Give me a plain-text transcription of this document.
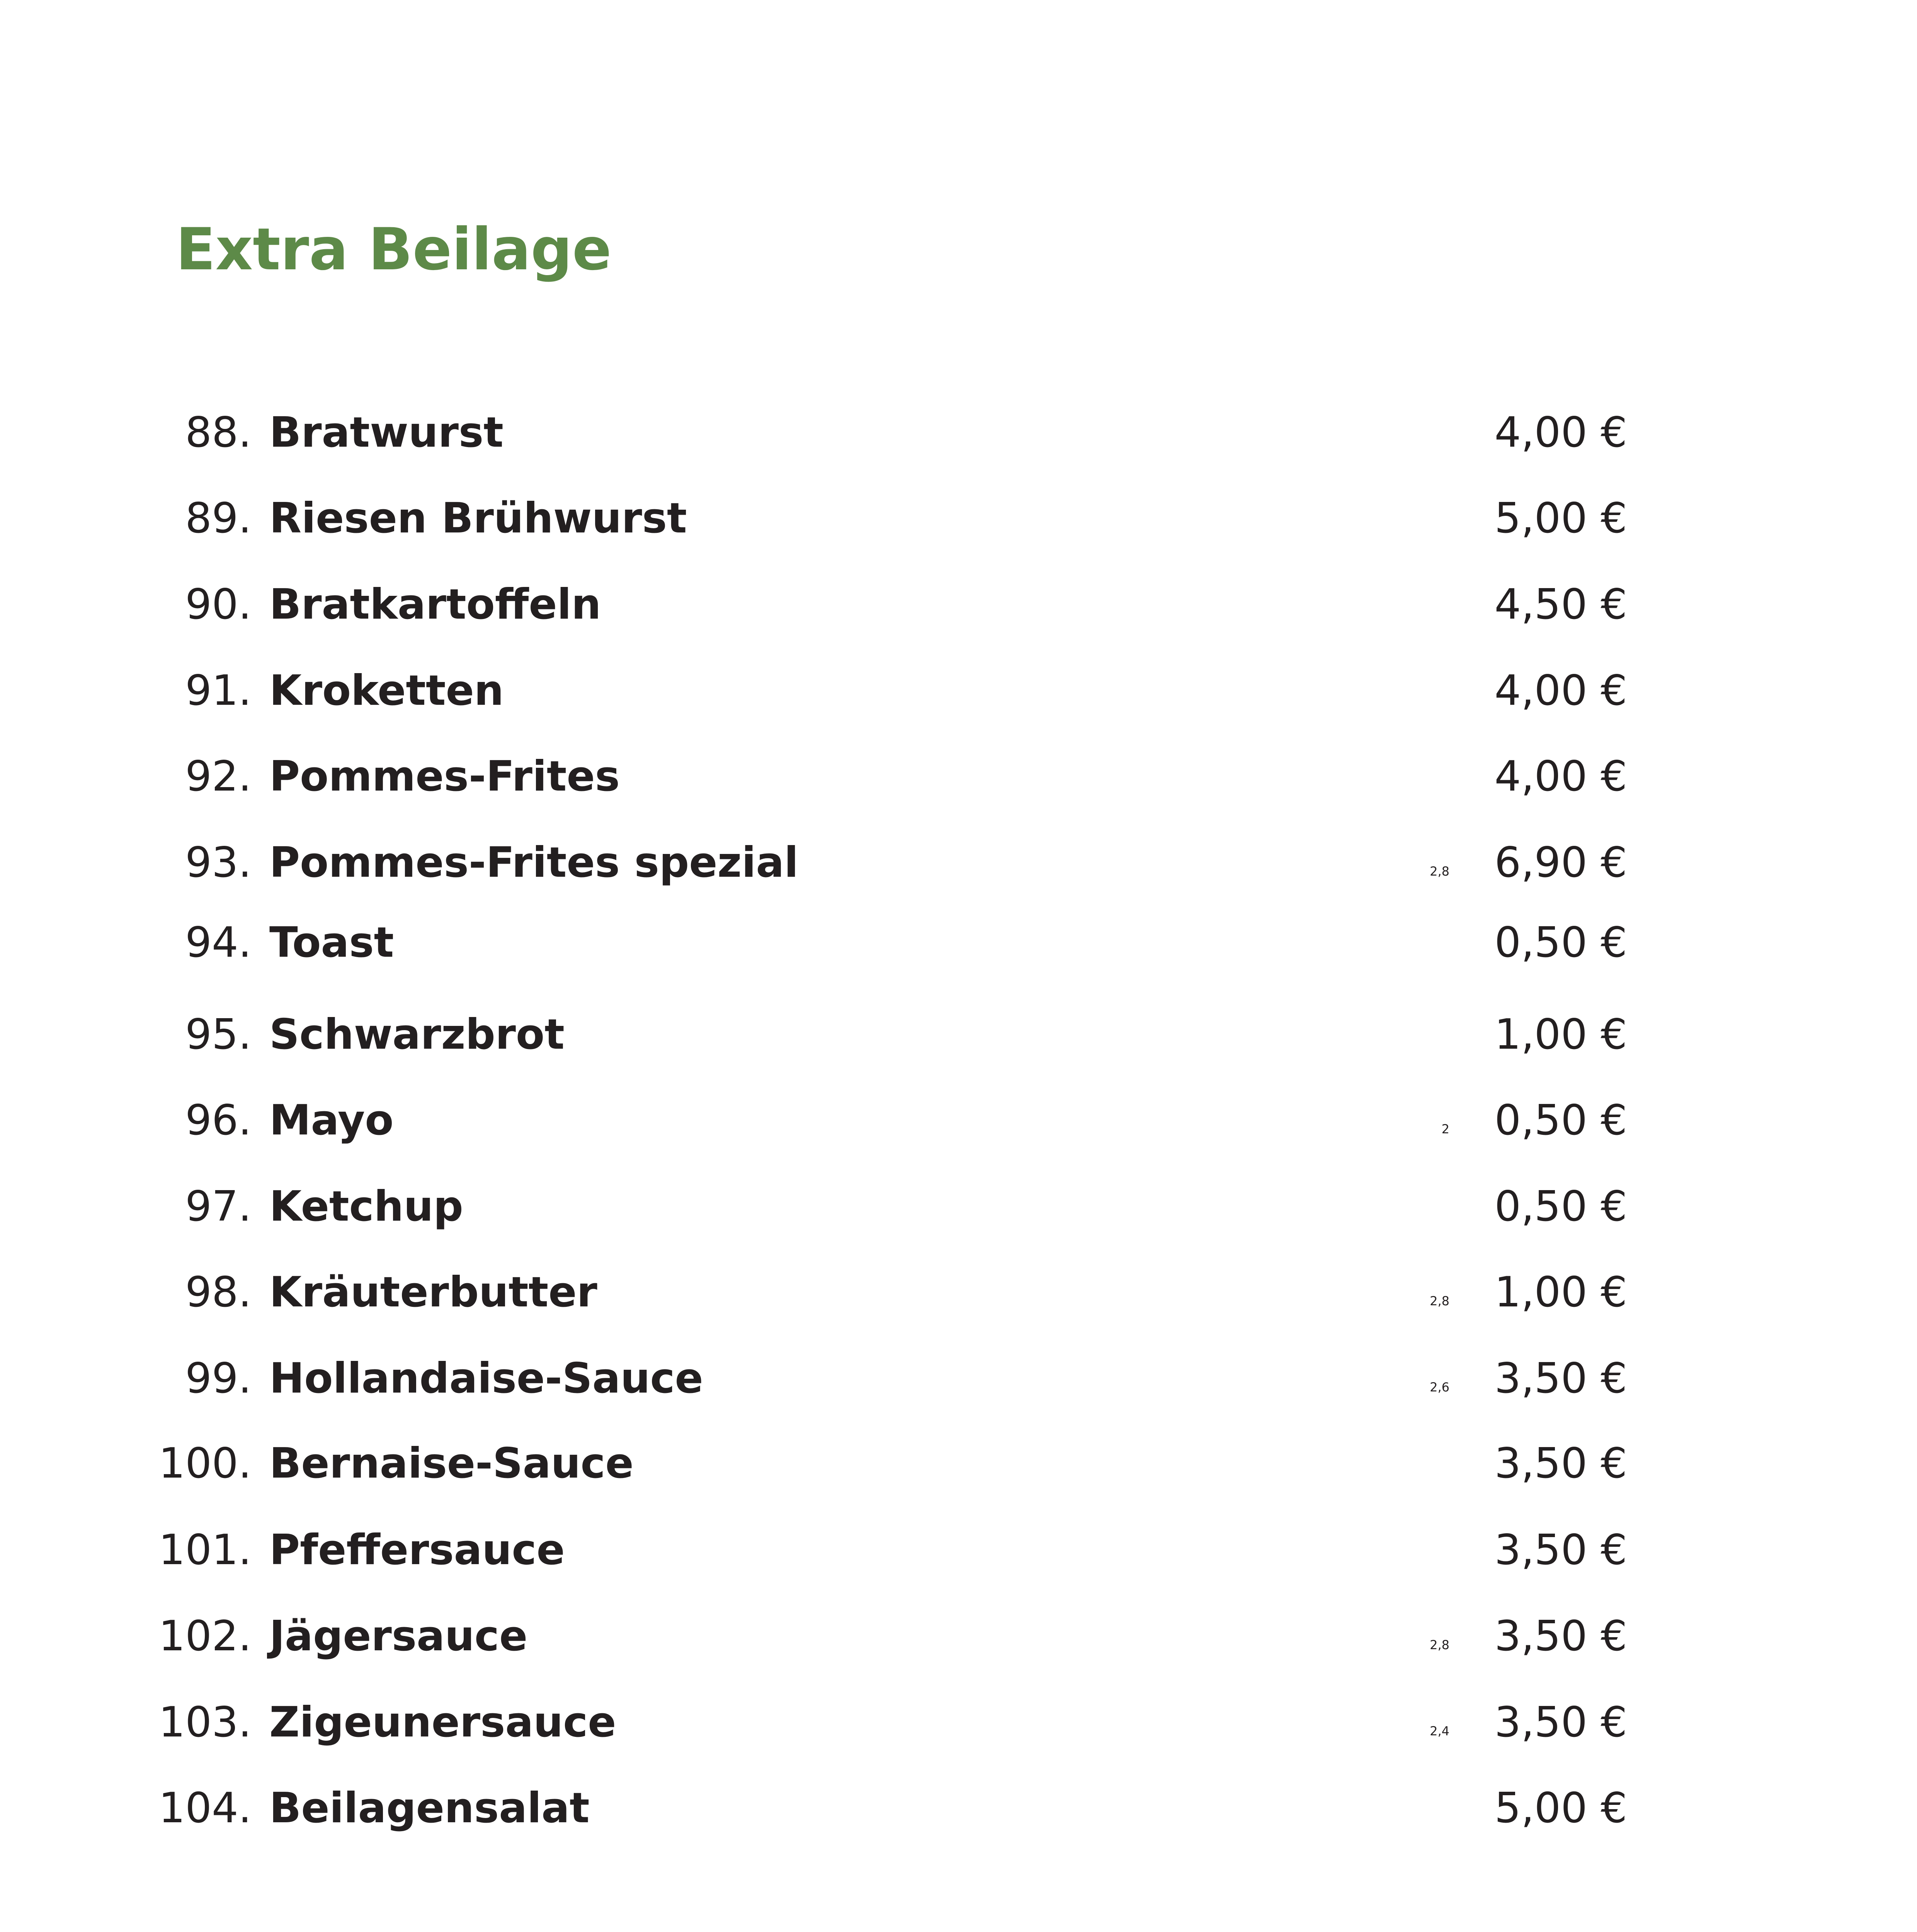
Extra Beilage
88. Bratwurst	4,00 €
89. Riesen Brühwurst	5,00 €
90. Bratkartoffeln	4,50 €
91. Kroketten	4,00 €
92. Pommes-Frites	4,00 €
93. Pommes-Frites spezial	2,8 6,90 €
94. Toast	0,50 €
95. Schwarzbrot	1,00 €
96. Mayo	2 0,50 €
97. Ketchup	0,50 €
98. Kräuterbutter	2,8 1,00 €
99. Hollandaise-Sauce	2,6 3,50 €
100. Bernaise-Sauce	3,50 €
101. Pfeffersauce	3,50 €
102. Jägersauce	2,8 3,50 €
103. Zigeunersauce	2,4 3,50 €
104. Beilagensalat	5,00 €
